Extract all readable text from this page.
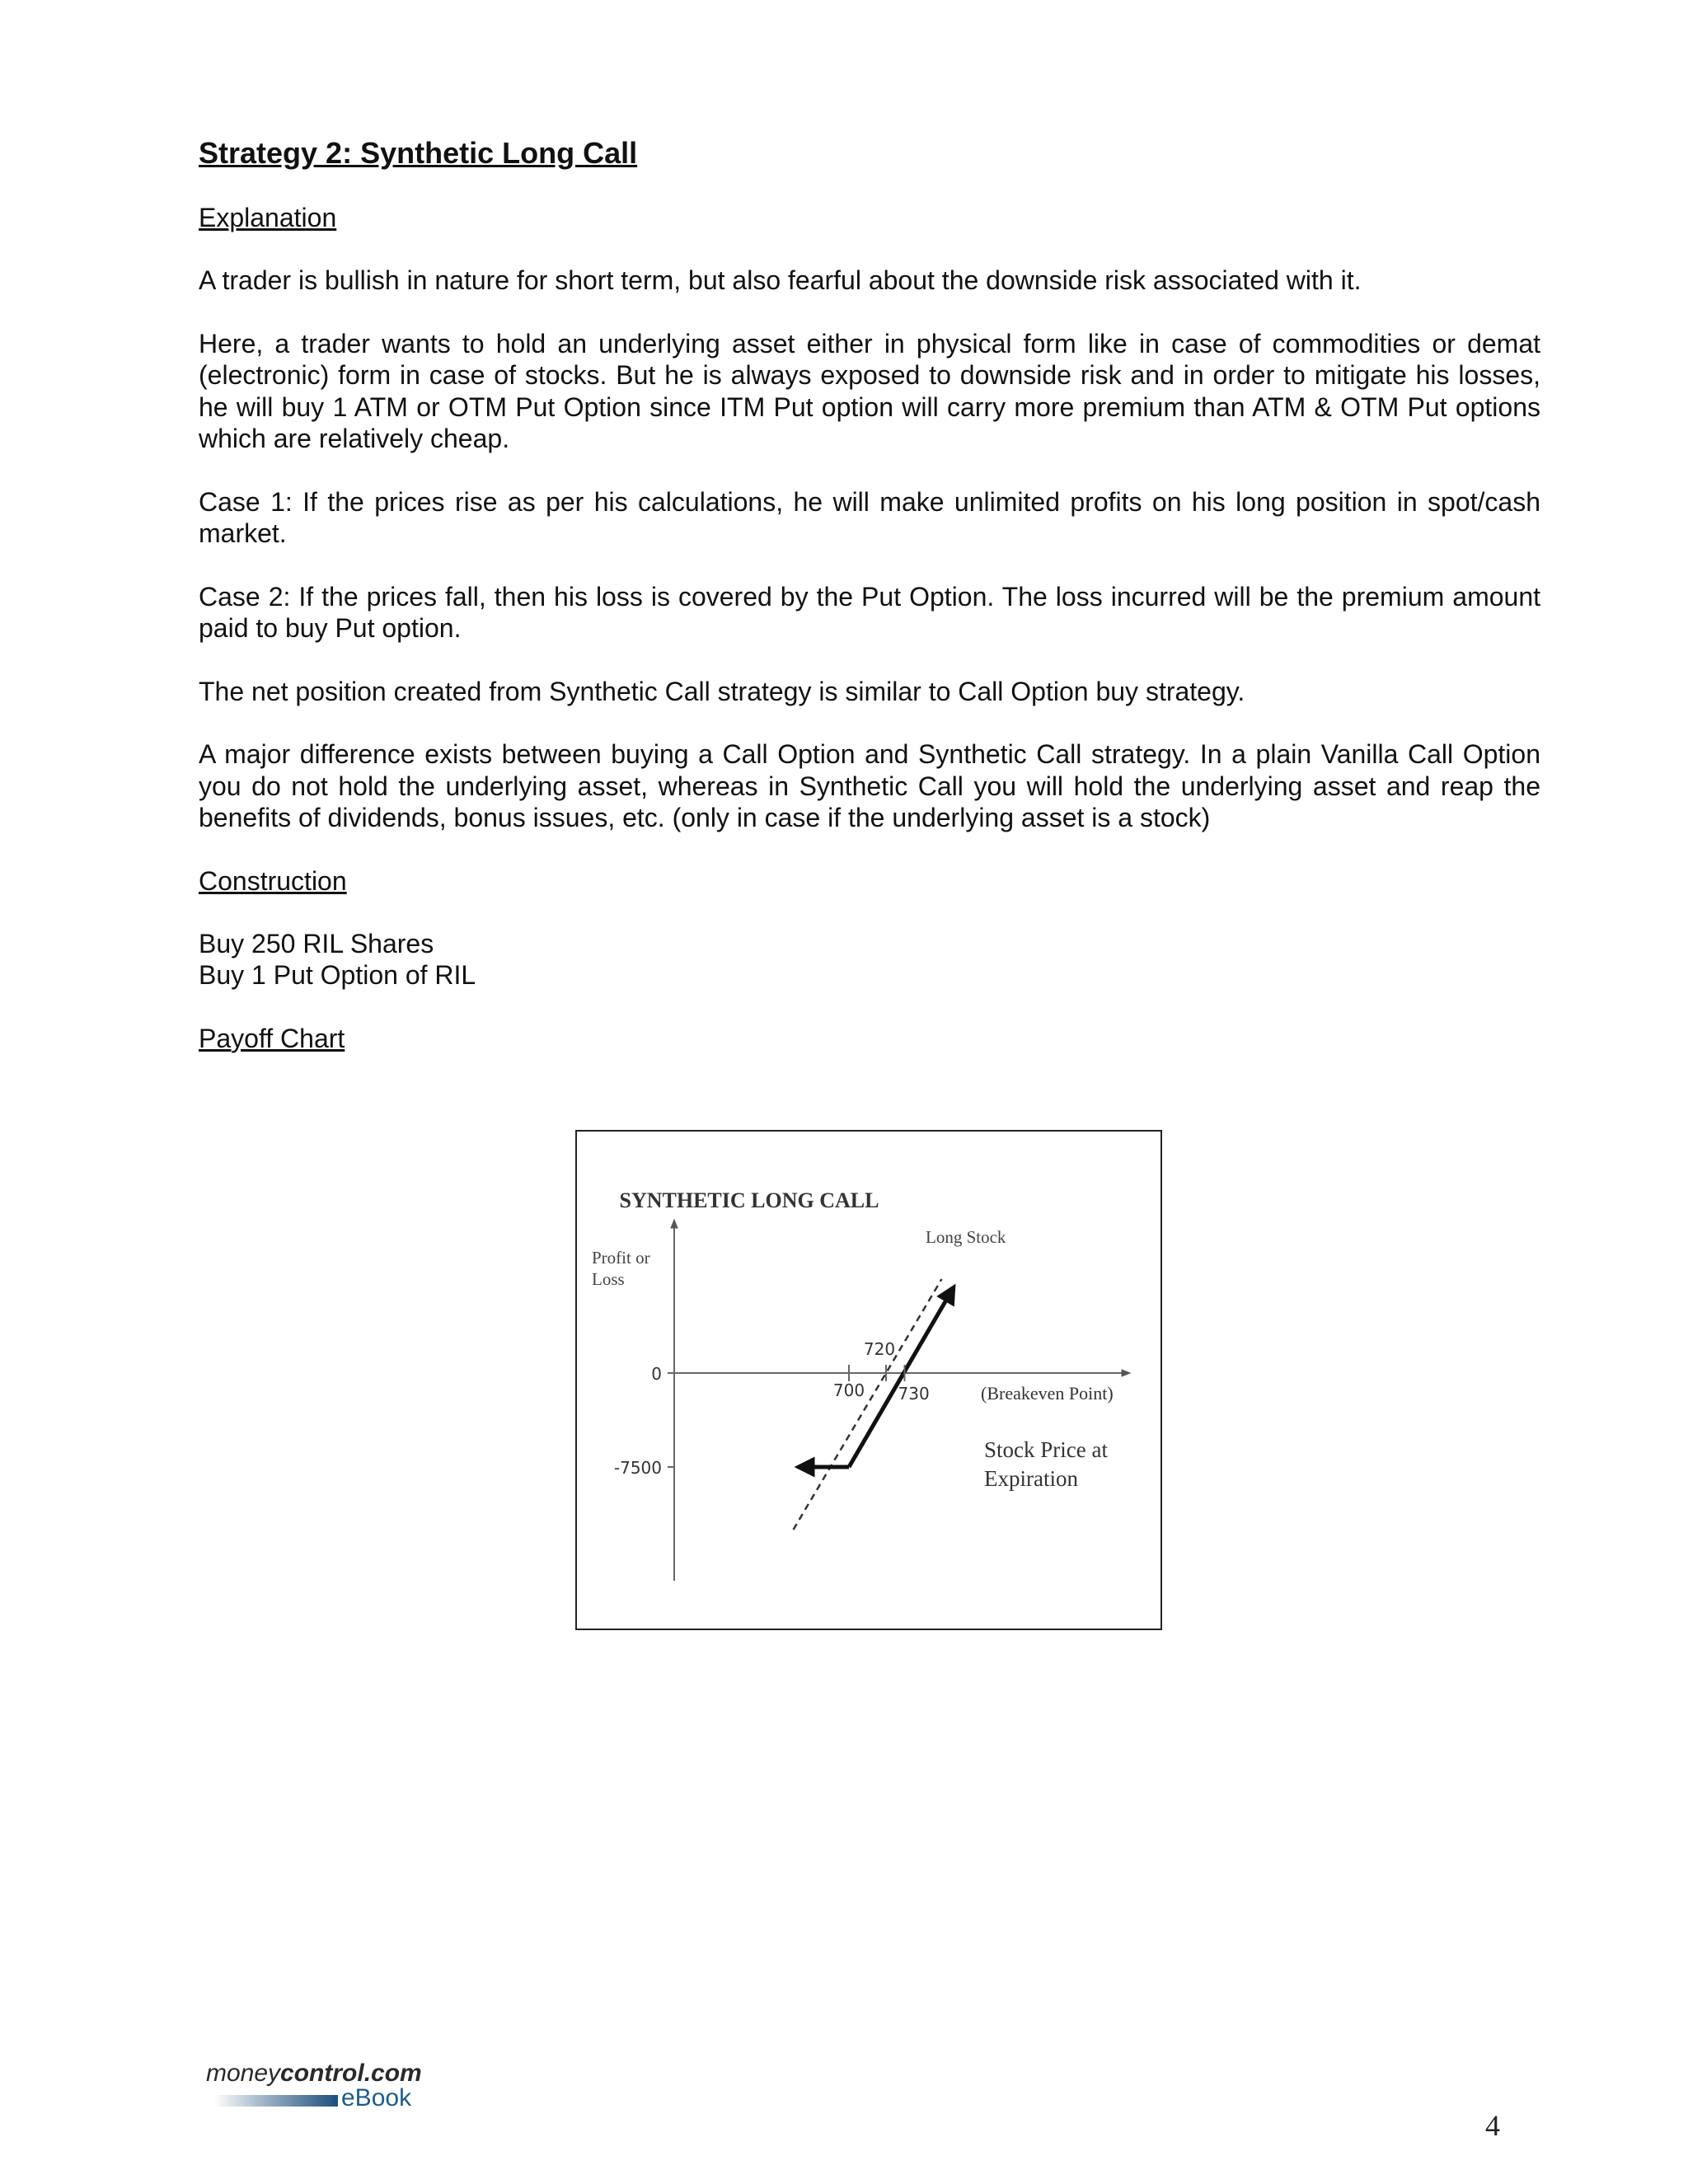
Strategy 2: Synthetic Long Call
Explanation

A trader is bullish in nature for short term, but also fearful about the downside risk associated with it.

Here, a trader wants to hold an underlying asset either in physical form like in case of commodities or demat (electronic) form in case of stocks. But he is always exposed to downside risk and in order to mitigate his losses, he will buy 1 ATM or OTM Put Option since ITM Put option will carry more premium than ATM & OTM Put options which are relatively cheap.

Case 1: If the prices rise as per his calculations, he will make unlimited profits on his long position in spot/cash market.

Case 2: If the prices fall, then his loss is covered by the Put Option. The loss incurred will be the premium amount paid to buy Put option.

The net position created from Synthetic Call strategy is similar to Call Option buy strategy.

A major difference exists between buying a Call Option and Synthetic Call strategy. In a plain Vanilla Call Option you do not hold the underlying asset, whereas in Synthetic Call you will hold the underlying asset and reap the benefits of dividends, bonus issues, etc. (only in case if the underlying asset is a stock)

Construction

Buy 250 RIL Shares

Buy 1 Put Option of RIL

Payoff Chart
SYNTHETIC LONG CALL
Profit or Loss
Long Stock
0
-7500
700
720
730	(Breakeven Point)
Stock Price at Expiration
moneycontrol.com
eBook
4
